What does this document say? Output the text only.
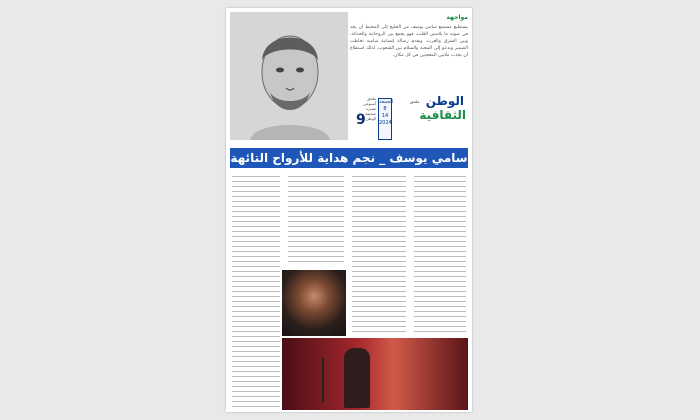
مواجهة
يستطيع مستمع سامي يوسف من الخليج إلى المحيط أن يجد في صوته ما يلامس القلب، فهو يجمع بين الروحانية والحداثة، وبين الشرق والغرب، ويقدم رسالة إنسانية سامية تخاطب الضمير وتدعو إلى المحبة والسلام بين الشعوب، لذلك استطاع أن يجذب ملايين المعجبين في كل مكان.
ملحق أسبوعي تصدره صحيفة الوطن
9
الجمعة
8
14
2024
ملحق الوطن
الثقافية
سامي يوسف _ نجم هداية للأرواح التائهة
